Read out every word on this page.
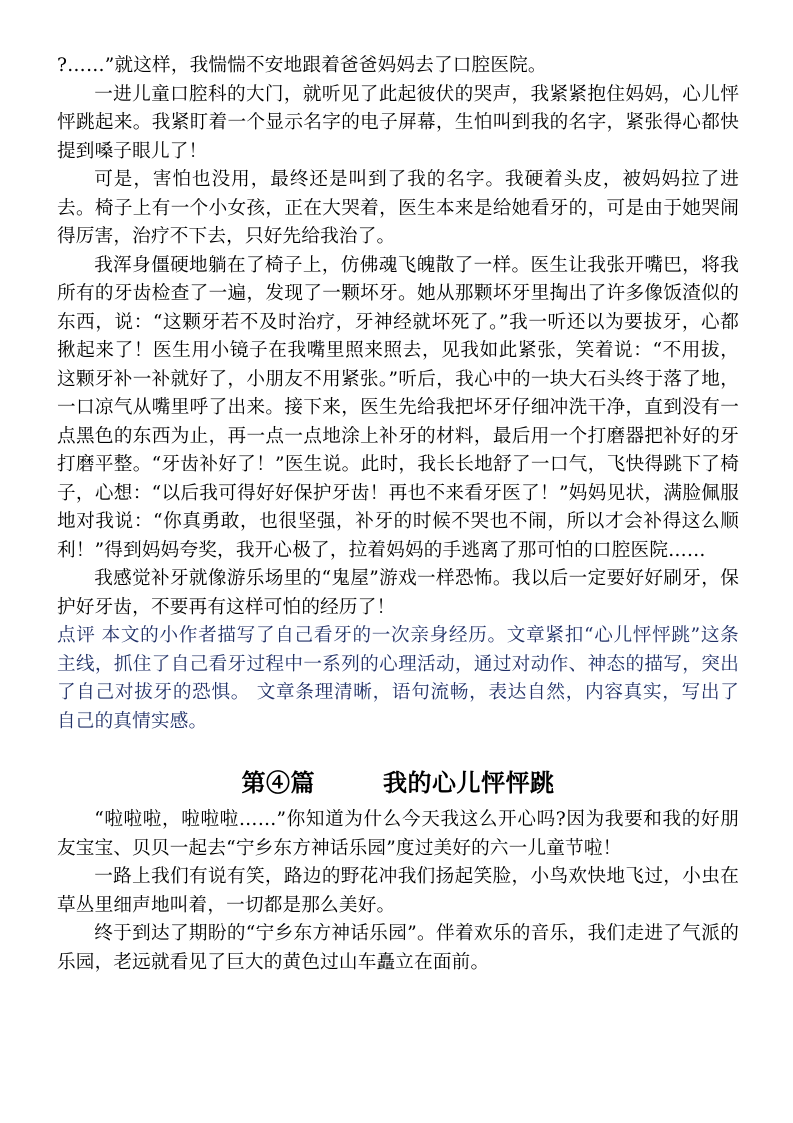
?……”就这样，我惴惴不安地跟着爸爸妈妈去了口腔医院。

一进儿童口腔科的大门，就听见了此起彼伏的哭声，我紧紧抱住妈妈，心儿怦怦跳起来。我紧盯着一个显示名字的电子屏幕，生怕叫到我的名字，紧张得心都快提到嗓子眼儿了！

可是，害怕也没用，最终还是叫到了我的名字。我硬着头皮，被妈妈拉了进去。椅子上有一个小女孩，正在大哭着，医生本来是给她看牙的，可是由于她哭闹得厉害，治疗不下去，只好先给我治了。

我浑身僵硬地躺在了椅子上，仿佛魂飞魄散了一样。医生让我张开嘴巴，将我所有的牙齿检查了一遍，发现了一颗坏牙。她从那颗坏牙里掏出了许多像饭渣似的东西，说：“这颗牙若不及时治疗，牙神经就坏死了。”我一听还以为要拔牙，心都揪起来了！医生用小镜子在我嘴里照来照去，见我如此紧张，笑着说：“不用拔，这颗牙补一补就好了，小朋友不用紧张。”听后，我心中的一块大石头终于落了地，一口凉气从嘴里呼了出来。接下来，医生先给我把坏牙仔细冲洗干净，直到没有一点黑色的东西为止，再一点一点地涂上补牙的材料，最后用一个打磨器把补好的牙打磨平整。“牙齿补好了！”医生说。此时，我长长地舒了一口气，飞快得跳下了椅子，心想：“以后我可得好好保护牙齿！再也不来看牙医了！”妈妈见状，满脸佩服地对我说：“你真勇敢，也很坚强，补牙的时候不哭也不闹，所以才会补得这么顺利！”得到妈妈夸奖，我开心极了，拉着妈妈的手逃离了那可怕的口腔医院……

我感觉补牙就像游乐场里的“鬼屋”游戏一样恐怖。我以后一定要好好刷牙，保护好牙齿，不要再有这样可怕的经历了！

点评 本文的小作者描写了自己看牙的一次亲身经历。文章紧扣“心儿怦怦跳”这条主线，抓住了自己看牙过程中一系列的心理活动，通过对动作、神态的描写，突出了自己对拔牙的恐惧。 文章条理清晰，语句流畅，表达自然，内容真实，写出了自己的真情实感。

第④篇	我的心儿怦怦跳

“啦啦啦，啦啦啦……”你知道为什么今天我这么开心吗?因为我要和我的好朋友宝宝、贝贝一起去“宁乡东方神话乐园”度过美好的六一儿童节啦！

一路上我们有说有笑，路边的野花冲我们扬起笑脸，小鸟欢快地飞过，小虫在草丛里细声地叫着，一切都是那么美好。

终于到达了期盼的“宁乡东方神话乐园”。伴着欢乐的音乐，我们走进了气派的乐园，老远就看见了巨大的黄色过山车矗立在面前。
